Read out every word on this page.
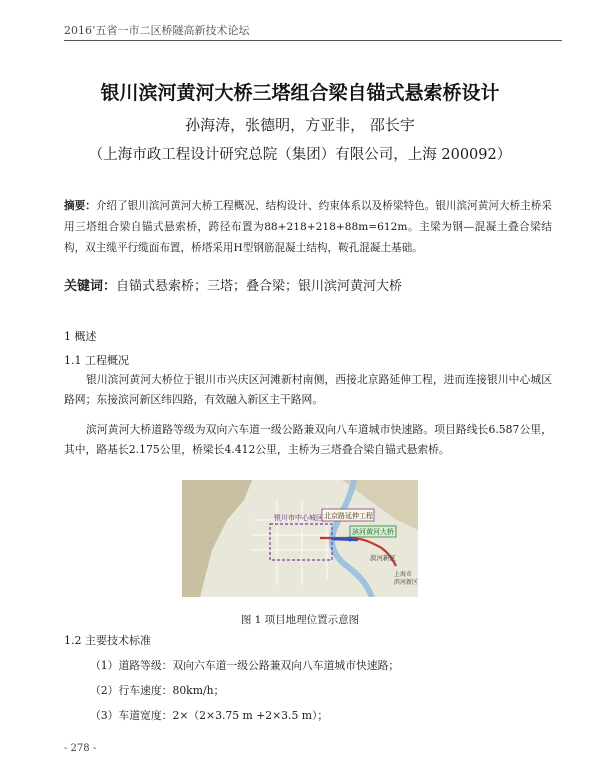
2016’五省一市二区桥隧高新技术论坛
银川滨河黄河大桥三塔组合梁自锚式悬索桥设计
孙海涛，张德明，方亚非， 邵长宇
（上海市政工程设计研究总院（集团）有限公司，上海 200092）
摘要：介绍了银川滨河黄河大桥工程概况、结构设计、约束体系以及桥梁特色。银川滨河黄河大桥主桥采用三塔组合梁自锚式悬索桥，跨径布置为88+218+218+88m=612m。主梁为钢—混凝土叠合梁结构，双主缆平行缆面布置，桥塔采用H型钢筋混凝土结构，鞍孔混凝土基础。
关键词：自锚式悬索桥；三塔；叠合梁；银川滨河黄河大桥
1 概述
1.1 工程概况
银川滨河黄河大桥位于银川市兴庆区河滩新村南侧，西接北京路延伸工程，进而连接银川中心城区路网；东接滨河新区纬四路，有效融入新区主干路网。
滨河黄河大桥道路等级为双向六车道一级公路兼双向八车道城市快速路。项目路线长6.587公里，其中，路基长2.175公里，桥梁长4.412公里，主桥为三塔叠合梁自锚式悬索桥。
银川市中心城区 北京路延伸工程
滨河黄河大桥
滨河新区
上海市
滨河新区
图 1 项目地理位置示意图
1.2 主要技术标准
（1）道路等级：双向六车道一级公路兼双向八车道城市快速路；
（2）行车速度：80km/h；
（3）车道宽度：2×（2×3.75 m +2×3.5 m）；
- 278 -
